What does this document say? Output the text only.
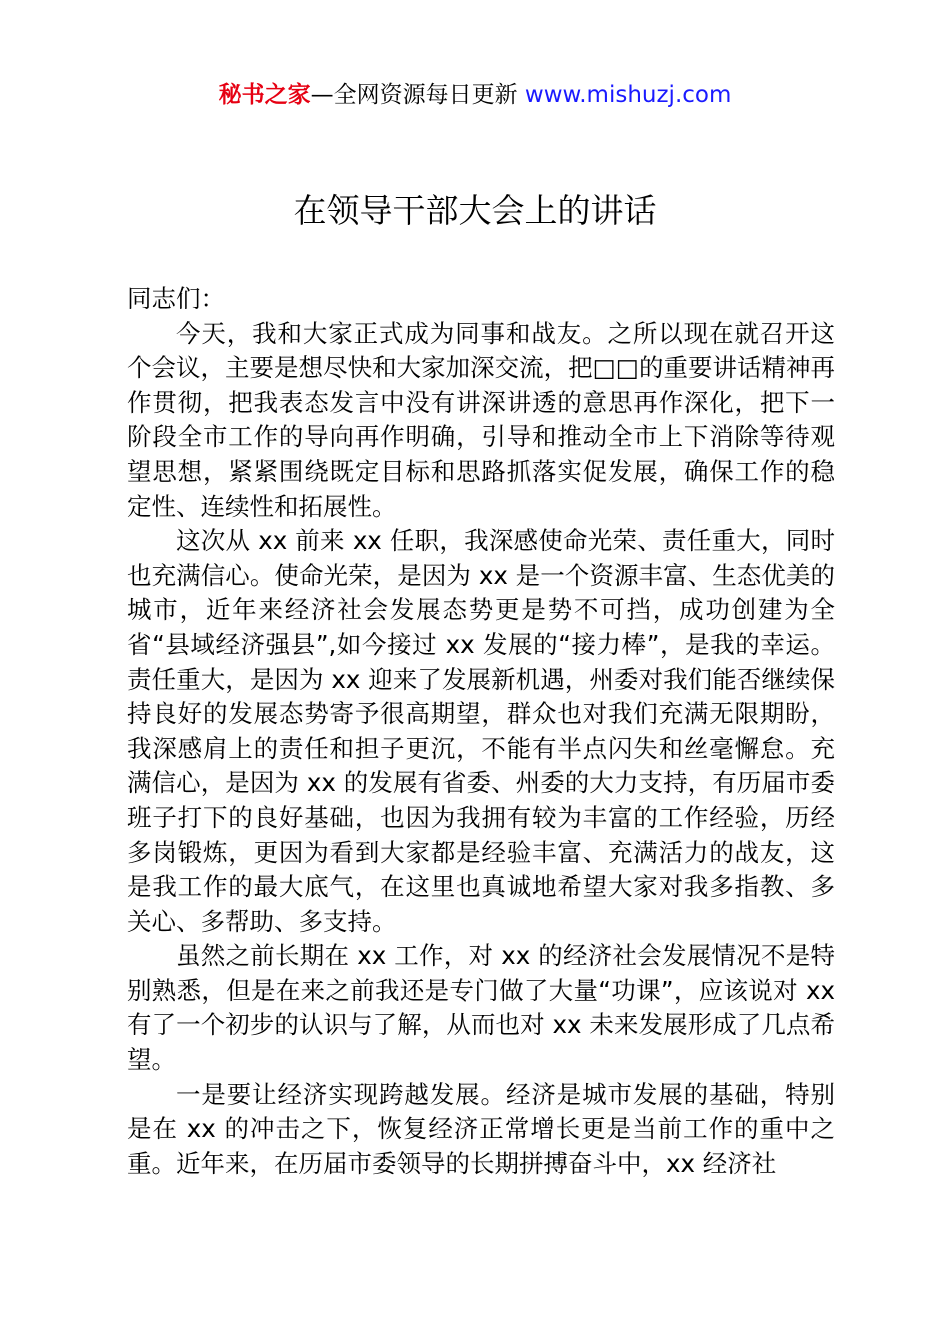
秘书之家—全网资源每日更新 www.mishuzj.com
在领导干部大会上的讲话

同志们：

今天，我和大家正式成为同事和战友。之所以现在就召开这个会议，主要是想尽快和大家加深交流，把□□的重要讲话精神再作贯彻，把我表态发言中没有讲深讲透的意思再作深化，把下一阶段全市工作的导向再作明确，引导和推动全市上下消除等待观望思想，紧紧围绕既定目标和思路抓落实促发展，确保工作的稳定性、连续性和拓展性。

这次从 xx 前来 xx 任职，我深感使命光荣、责任重大，同时也充满信心。使命光荣，是因为 xx 是一个资源丰富、生态优美的城市，近年来经济社会发展态势更是势不可挡，成功创建为全省“县域经济强县”,如今接过 xx 发展的“接力棒”，是我的幸运。责任重大，是因为 xx 迎来了发展新机遇，州委对我们能否继续保持良好的发展态势寄予很高期望，群众也对我们充满无限期盼，我深感肩上的责任和担子更沉，不能有半点闪失和丝毫懈怠。充满信心，是因为 xx 的发展有省委、州委的大力支持，有历届市委班子打下的良好基础，也因为我拥有较为丰富的工作经验，历经多岗锻炼，更因为看到大家都是经验丰富、充满活力的战友，这是我工作的最大底气，在这里也真诚地希望大家对我多指教、多关心、多帮助、多支持。

虽然之前长期在 xx 工作，对 xx 的经济社会发展情况不是特别熟悉，但是在来之前我还是专门做了大量“功课”，应该说对 xx 有了一个初步的认识与了解，从而也对 xx 未来发展形成了几点希望。

一是要让经济实现跨越发展。经济是城市发展的基础，特别是在 xx 的冲击之下，恢复经济正常增长更是当前工作的重中之重。近年来，在历届市委领导的长期拼搏奋斗中，xx 经济社
